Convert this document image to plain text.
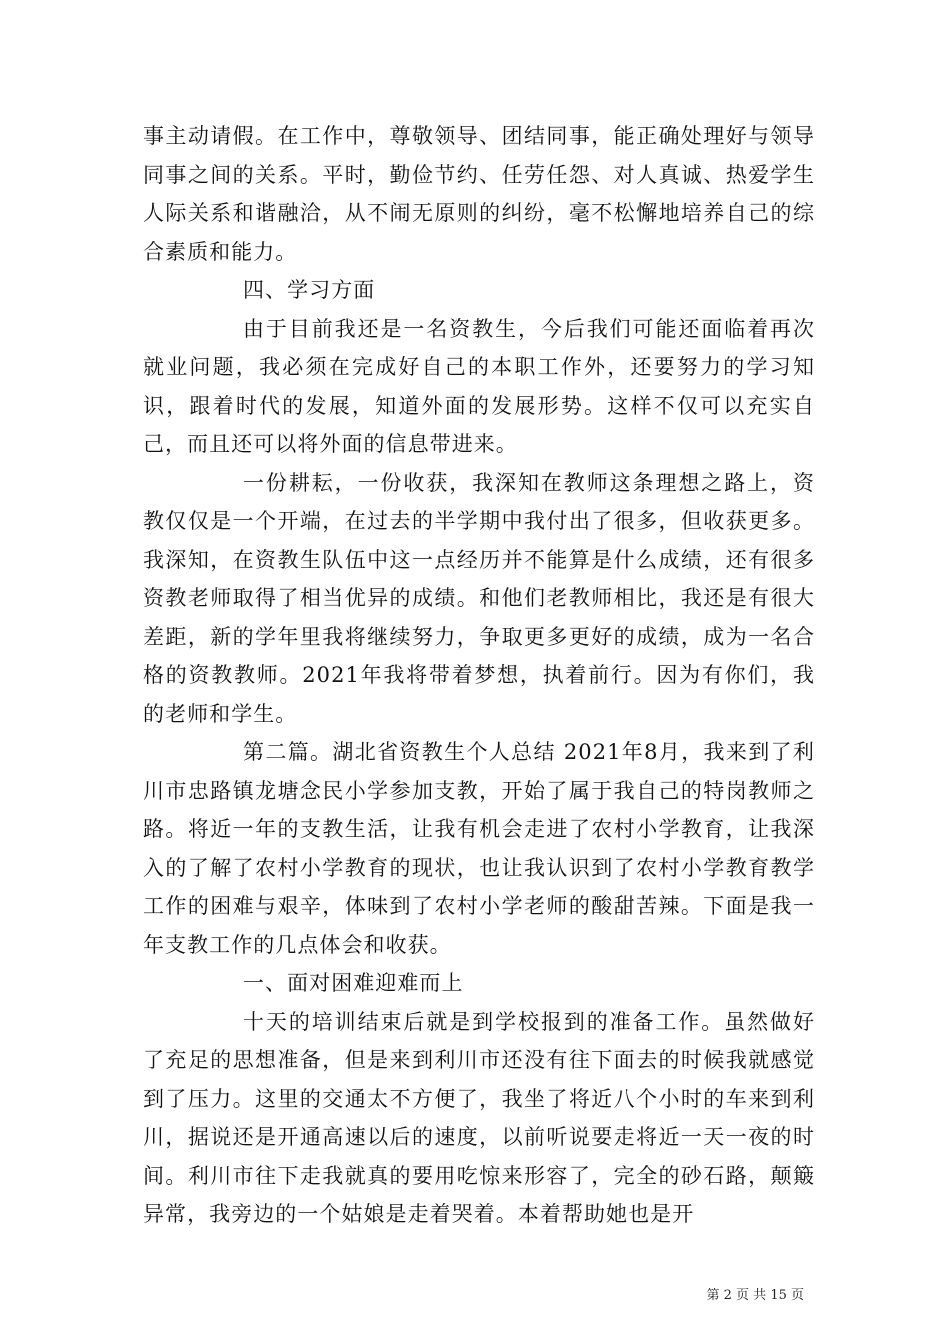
事主动请假。在工作中，尊敬领导、团结同事，能正确处理好与领导同事之间的关系。平时，勤俭节约、任劳任怨、对人真诚、热爱学生人际关系和谐融洽，从不闹无原则的纠纷，毫不松懈地培养自己的综合素质和能力。

四、学习方面

由于目前我还是一名资教生，今后我们可能还面临着再次就业问题，我必须在完成好自己的本职工作外，还要努力的学习知识，跟着时代的发展，知道外面的发展形势。这样不仅可以充实自己，而且还可以将外面的信息带进来。

一份耕耘，一份收获，我深知在教师这条理想之路上，资教仅仅是一个开端，在过去的半学期中我付出了很多，但收获更多。我深知，在资教生队伍中这一点经历并不能算是什么成绩，还有很多资教老师取得了相当优异的成绩。和他们老教师相比，我还是有很大差距，新的学年里我将继续努力，争取更多更好的成绩，成为一名合格的资教教师。2021年我将带着梦想，执着前行。因为有你们，我的老师和学生。

第二篇。湖北省资教生个人总结 2021年8月，我来到了利川市忠路镇龙塘念民小学参加支教，开始了属于我自己的特岗教师之路。将近一年的支教生活，让我有机会走进了农村小学教育，让我深入的了解了农村小学教育的现状，也让我认识到了农村小学教育教学工作的困难与艰辛，体味到了农村小学老师的酸甜苦辣。下面是我一年支教工作的几点体会和收获。

一、面对困难迎难而上

十天的培训结束后就是到学校报到的准备工作。虽然做好了充足的思想准备，但是来到利川市还没有往下面去的时候我就感觉到了压力。这里的交通太不方便了，我坐了将近八个小时的车来到利川，据说还是开通高速以后的速度，以前听说要走将近一天一夜的时间。利川市往下走我就真的要用吃惊来形容了，完全的砂石路，颠簸异常，我旁边的一个姑娘是走着哭着。本着帮助她也是开

第 2 页 共 15 页
